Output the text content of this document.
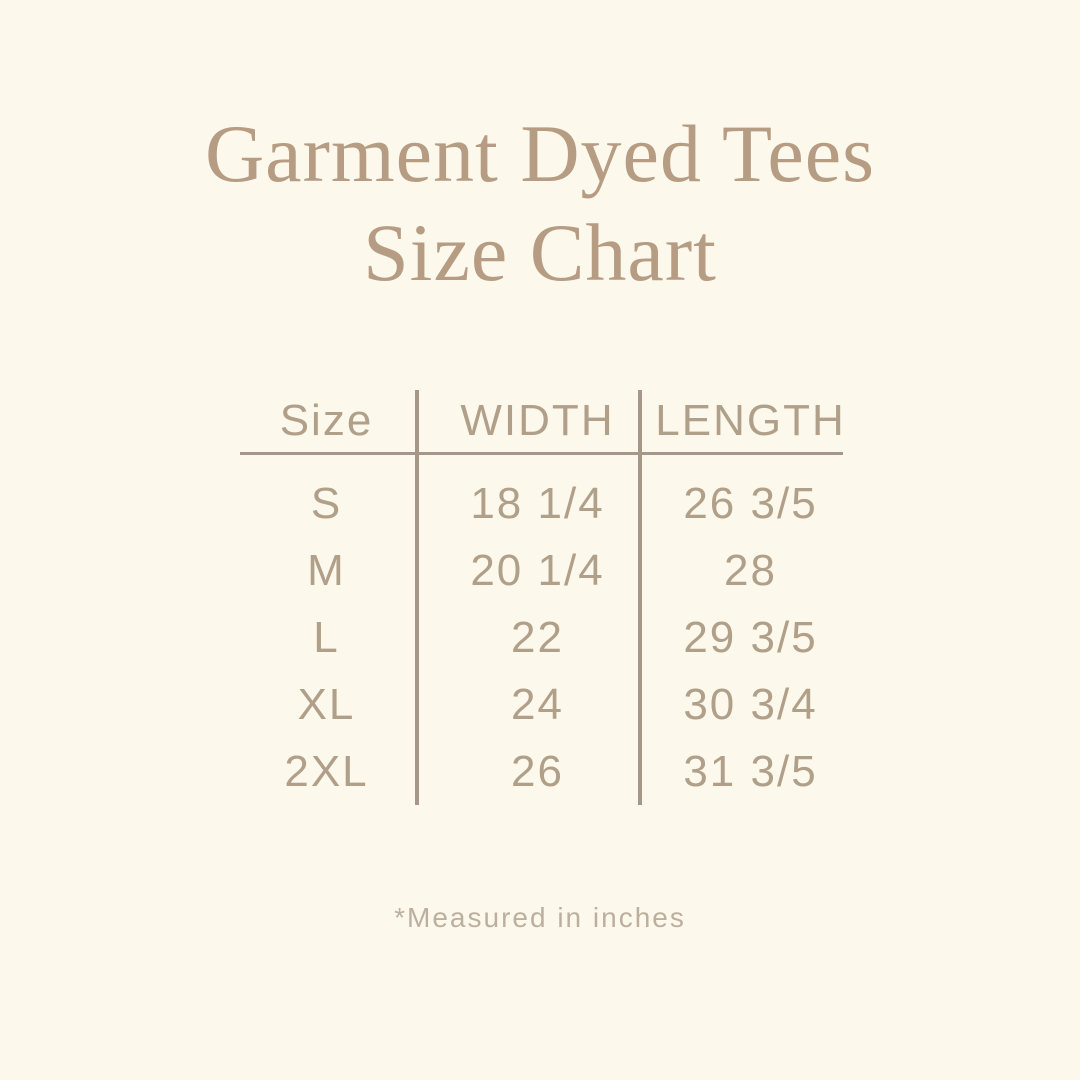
Garment Dyed Tees
Size Chart
Size
S
M
L
XL
2XL
WIDTH
18 1/4
20 1/4
22
24
26
LENGTH
26 3/5
28
29 3/5
30 3/4
31 3/5

*Measured in inches
